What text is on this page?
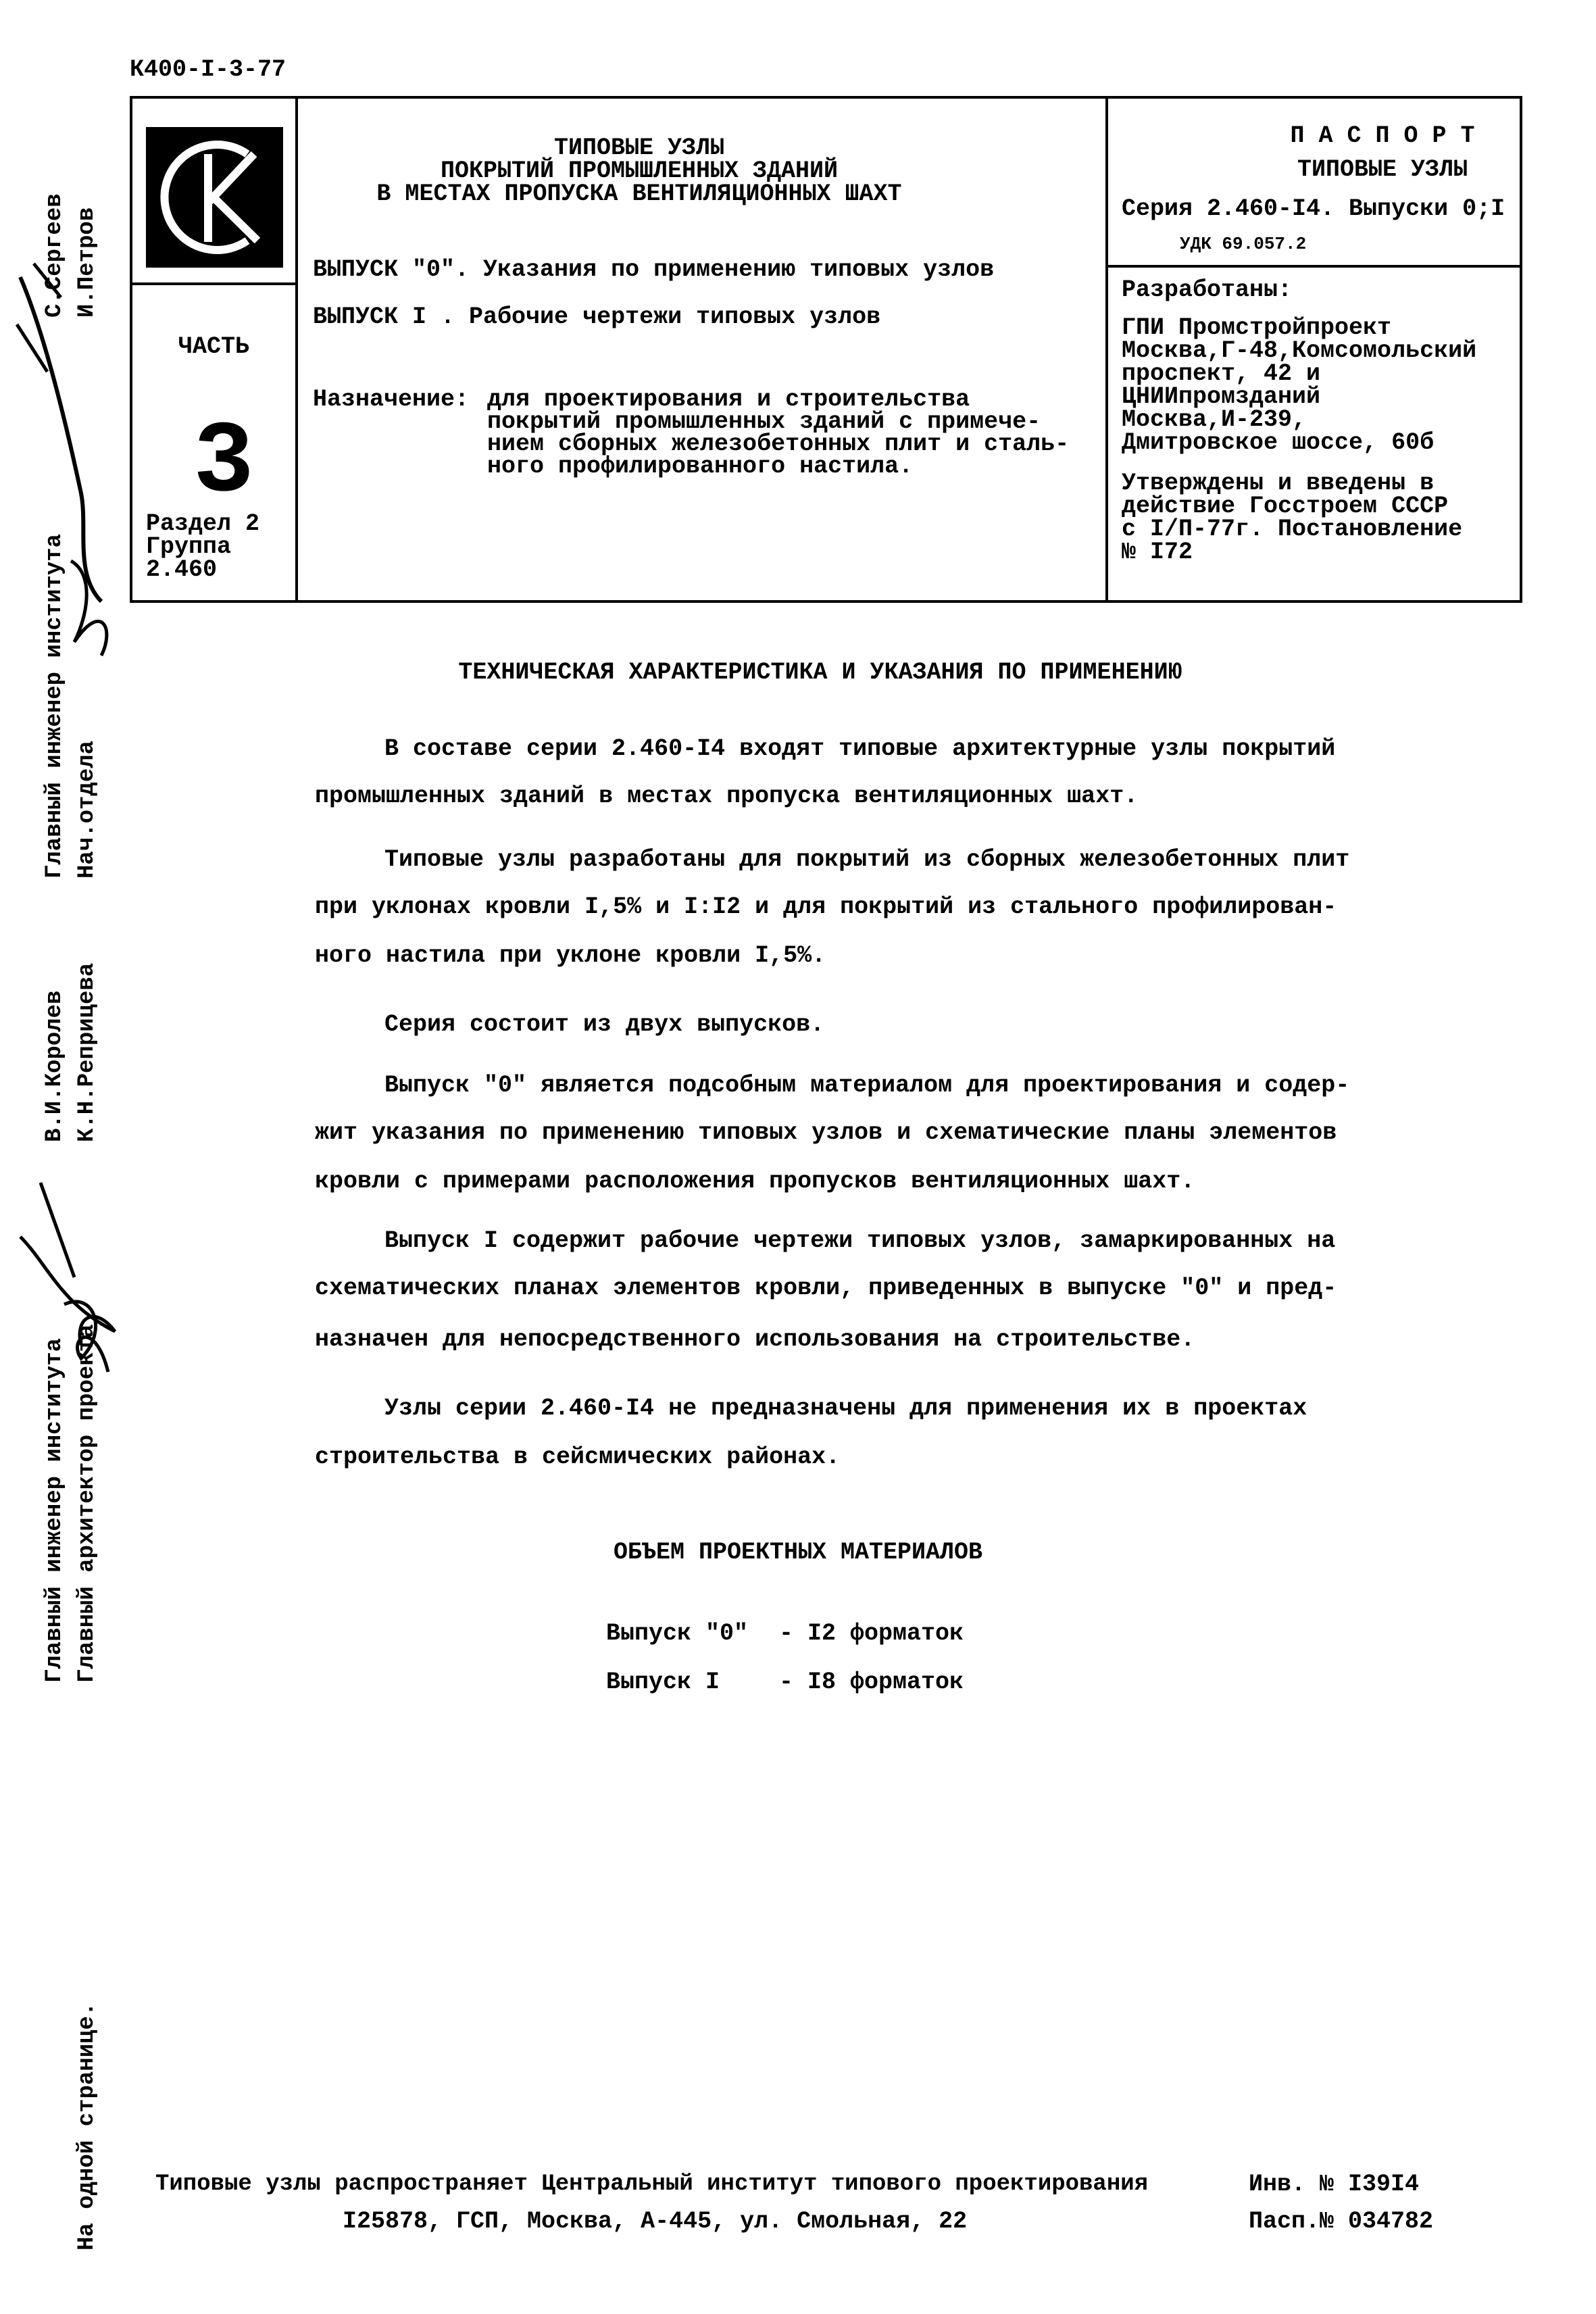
К400-I-3-77
ЧАСТЬ
3
Раздел 2
Группа
2.460
ТИПОВЫЕ УЗЛЫ
ПОКРЫТИЙ ПРОМЫШЛЕННЫХ ЗДАНИЙ
В МЕСТАХ ПРОПУСКА ВЕНТИЛЯЦИОННЫХ ШАХТ
ВЫПУСК "0". Указания по применению типовых узлов
ВЫПУСК I . Рабочие чертежи типовых узлов
Назначение: для проектирования и строительства
покрытий промышленных зданий с примече-
нием сборных железобетонных плит и сталь-
ного профилированного настила.
П А С П О Р Т
ТИПОВЫЕ УЗЛЫ
Серия 2.460-I4. Выпуски 0;I
УДК 69.057.2
Разработаны:
ГПИ Промстройпроект
Москва,Г-48,Комсомольский
проспект, 42 и
ЦНИИпромзданий
Москва,И-239,
Дмитровское шоссе, 60б
Утверждены и введены в
действие Госстроем СССР
с I/П-77г. Постановление
№ I72
Главный инженер института
С.Сергеев
Нач.отдела
И.Петров
Главный инженер института
В.И.Королев
Главный архитектор проекта
К.Н.Реприцева
На одной странице.
ТЕХНИЧЕСКАЯ ХАРАКТЕРИСТИКА И УКАЗАНИЯ ПО ПРИМЕНЕНИЮ
В составе серии 2.460-I4 входят типовые архитектурные узлы покрытий
промышленных зданий в местах пропуска вентиляционных шахт.
Типовые узлы разработаны для покрытий из сборных железобетонных плит
при уклонах кровли I,5% и I:I2 и для покрытий из стального профилирован-
ного настила при уклоне кровли I,5%.
Серия состоит из двух выпусков.
Выпуск "0" является подсобным материалом для проектирования и содер-
жит указания по применению типовых узлов и схематические планы элементов
кровли с примерами расположения пропусков вентиляционных шахт.
Выпуск I содержит рабочие чертежи типовых узлов, замаркированных на
схематических планах элементов кровли, приведенных в выпуске "0" и пред-
назначен для непосредственного использования на строительстве.
Узлы серии 2.460-I4 не предназначены для применения их в проектах
строительства в сейсмических районах.
ОБЪЕМ ПРОЕКТНЫХ МАТЕРИАЛОВ
Выпуск "0" - I2 форматок
Выпуск I	- I8 форматок
Типовые узлы распространяет Центральный институт типового проектирования
I25878, ГСП, Москва, А-445, ул. Смольная, 22
Инв. № I39I4
Пасп.№ 034782
